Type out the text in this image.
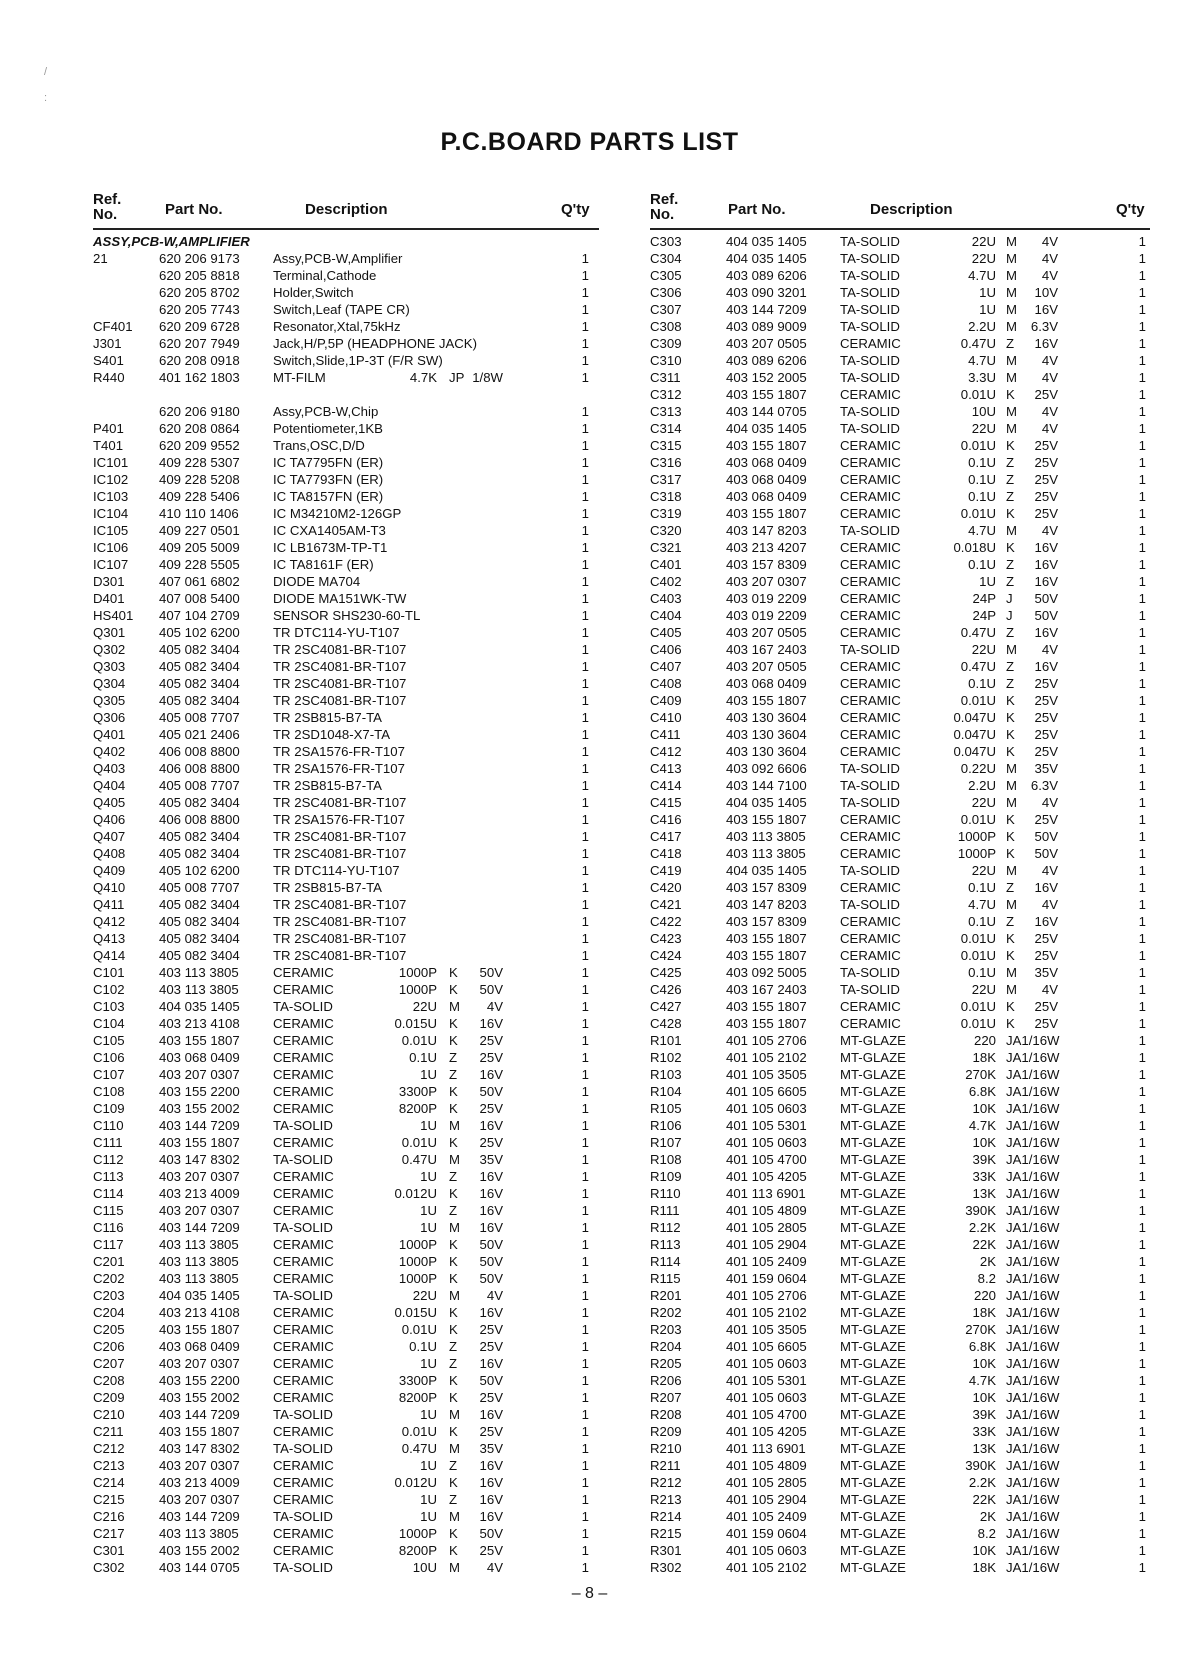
P.C.BOARD PARTS LIST
Ref.
No.	Part No.	Description	Q'ty
ASSY,PCB-W,AMPLIFIER
21	620 206 9173	Assy,PCB-W,Amplifier	1
620 205 8818	Terminal,Cathode	1
620 205 8702	Holder,Switch	1
620 205 7743	Switch,Leaf (TAPE CR)	1
CF401 620 209 6728	Resonator,Xtal,75kHz	1
J301	620 207 7949	Jack,H/P,5P (HEADPHONE JACK)	1
S401	620 208 0918	Switch,Slide,1P-3T (F/R SW)	1
R440	401 162 1803	MT-FILM	4.7K JP 1/8W	1
620 206 9180	Assy,PCB-W,Chip	1
P401	620 208 0864	Potentiometer,1KB	1
T401	620 209 9552	Trans,OSC,D/D	1
IC101 409 228 5307	IC TA7795FN (ER)	1
IC102 409 228 5208	IC TA7793FN (ER)	1
IC103 409 228 5406	IC TA8157FN (ER)	1
IC104 410 110 1406	IC M34210M2-126GP	1
IC105 409 227 0501	IC CXA1405AM-T3	1
IC106 409 205 5009	IC LB1673M-TP-T1	1
IC107 409 228 5505	IC TA8161F (ER)	1
D301	407 061 6802	DIODE MA704	1
D401	407 008 5400	DIODE MA151WK-TW	1
HS401 407 104 2709	SENSOR SHS230-60-TL	1
Q301	405 102 6200	TR DTC114-YU-T107	1
Q302	405 082 3404	TR 2SC4081-BR-T107	1
Q303	405 082 3404	TR 2SC4081-BR-T107	1
Q304	405 082 3404	TR 2SC4081-BR-T107	1
Q305	405 082 3404	TR 2SC4081-BR-T107	1
Q306	405 008 7707	TR 2SB815-B7-TA	1
Q401	405 021 2406	TR 2SD1048-X7-TA	1
Q402	406 008 8800	TR 2SA1576-FR-T107	1
Q403	406 008 8800	TR 2SA1576-FR-T107	1
Q404	405 008 7707	TR 2SB815-B7-TA	1
Q405	405 082 3404	TR 2SC4081-BR-T107	1
Q406	406 008 8800	TR 2SA1576-FR-T107	1
Q407	405 082 3404	TR 2SC4081-BR-T107	1
Q408	405 082 3404	TR 2SC4081-BR-T107	1
Q409	405 102 6200	TR DTC114-YU-T107	1
Q410	405 008 7707	TR 2SB815-B7-TA	1
Q411	405 082 3404	TR 2SC4081-BR-T107	1
Q412	405 082 3404	TR 2SC4081-BR-T107	1
Q413	405 082 3404	TR 2SC4081-BR-T107	1
Q414	405 082 3404	TR 2SC4081-BR-T107	1
C101	403 113 3805	CERAMIC	1000P K 50V	1
C102	403 113 3805	CERAMIC	1000P K 50V	1
C103	404 035 1405	TA-SOLID	22U M 4V	1
C104	403 213 4108	CERAMIC	0.015U K 16V	1
C105	403 155 1807	CERAMIC	0.01U K 25V	1
C106	403 068 0409	CERAMIC	0.1U Z 25V	1
C107	403 207 0307	CERAMIC	1U Z 16V	1
C108	403 155 2200	CERAMIC	3300P K 50V	1
C109	403 155 2002	CERAMIC	8200P K 25V	1
C110	403 144 7209	TA-SOLID	1U M 16V	1
C111	403 155 1807	CERAMIC	0.01U K 25V	1
C112	403 147 8302	TA-SOLID	0.47U M 35V	1
C113	403 207 0307	CERAMIC	1U Z 16V	1
C114	403 213 4009	CERAMIC	0.012U K 16V	1
C115	403 207 0307	CERAMIC	1U Z 16V	1
C116	403 144 7209	TA-SOLID	1U M 16V	1
C117	403 113 3805	CERAMIC	1000P K 50V	1
C201	403 113 3805	CERAMIC	1000P K 50V	1
C202	403 113 3805	CERAMIC	1000P K 50V	1
C203	404 035 1405	TA-SOLID	22U M 4V	1
C204	403 213 4108	CERAMIC	0.015U K 16V	1
C205	403 155 1807	CERAMIC	0.01U K 25V	1
C206	403 068 0409	CERAMIC	0.1U Z 25V	1
C207	403 207 0307	CERAMIC	1U Z 16V	1
C208	403 155 2200	CERAMIC	3300P K 50V	1
C209	403 155 2002	CERAMIC	8200P K 25V	1
C210	403 144 7209	TA-SOLID	1U M 16V	1
C211	403 155 1807	CERAMIC	0.01U K 25V	1
C212	403 147 8302	TA-SOLID	0.47U M 35V	1
C213	403 207 0307	CERAMIC	1U Z 16V	1
C214	403 213 4009	CERAMIC	0.012U K 16V	1
C215	403 207 0307	CERAMIC	1U Z 16V	1
C216	403 144 7209	TA-SOLID	1U M 16V	1
C217	403 113 3805	CERAMIC	1000P K 50V	1
C301	403 155 2002	CERAMIC	8200P K 25V	1
C302	403 144 0705	TA-SOLID	10U M 4V	1
Ref.
No.	Part No.	Description	Q'ty
C303	404 035 1405	TA-SOLID	22U M 4V	1
C304	404 035 1405	TA-SOLID	22U M 4V	1
C305	403 089 6206	TA-SOLID	4.7U M 4V	1
C306	403 090 3201	TA-SOLID	1U M 10V	1
C307	403 144 7209	TA-SOLID	1U M 16V	1
C308	403 089 9009	TA-SOLID	2.2U M 6.3V	1
C309	403 207 0505	CERAMIC	0.47U Z 16V	1
C310	403 089 6206	TA-SOLID	4.7U M 4V	1
C311	403 152 2005	TA-SOLID	3.3U M 4V	1
C312	403 155 1807	CERAMIC	0.01U K 25V	1
C313	403 144 0705	TA-SOLID	10U M 4V	1
C314	404 035 1405	TA-SOLID	22U M 4V	1
C315	403 155 1807	CERAMIC	0.01U K 25V	1
C316	403 068 0409	CERAMIC	0.1U Z 25V	1
C317	403 068 0409	CERAMIC	0.1U Z 25V	1
C318	403 068 0409	CERAMIC	0.1U Z 25V	1
C319	403 155 1807	CERAMIC	0.01U K 25V	1
C320	403 147 8203	TA-SOLID	4.7U M 4V	1
C321	403 213 4207	CERAMIC	0.018U K 16V	1
C401	403 157 8309	CERAMIC	0.1U Z 16V	1
C402	403 207 0307	CERAMIC	1U Z 16V	1
C403	403 019 2209	CERAMIC	24P J 50V	1
C404	403 019 2209	CERAMIC	24P J 50V	1
C405	403 207 0505	CERAMIC	0.47U Z 16V	1
C406	403 167 2403	TA-SOLID	22U M 4V	1
C407	403 207 0505	CERAMIC	0.47U Z 16V	1
C408	403 068 0409	CERAMIC	0.1U Z 25V	1
C409	403 155 1807	CERAMIC	0.01U K 25V	1
C410	403 130 3604	CERAMIC	0.047U K 25V	1
C411	403 130 3604	CERAMIC	0.047U K 25V	1
C412	403 130 3604	CERAMIC	0.047U K 25V	1
C413	403 092 6606	TA-SOLID	0.22U M 35V	1
C414	403 144 7100	TA-SOLID	2.2U M 6.3V	1
C415	404 035 1405	TA-SOLID	22U M 4V	1
C416	403 155 1807	CERAMIC	0.01U K 25V	1
C417	403 113 3805	CERAMIC	1000P K 50V	1
C418	403 113 3805	CERAMIC	1000P K 50V	1
C419	404 035 1405	TA-SOLID	22U M 4V	1
C420	403 157 8309	CERAMIC	0.1U Z 16V	1
C421	403 147 8203	TA-SOLID	4.7U M 4V	1
C422	403 157 8309	CERAMIC	0.1U Z 16V	1
C423	403 155 1807	CERAMIC	0.01U K 25V	1
C424	403 155 1807	CERAMIC	0.01U K 25V	1
C425	403 092 5005	TA-SOLID	0.1U M 35V	1
C426	403 167 2403	TA-SOLID	22U M 4V	1
C427	403 155 1807	CERAMIC	0.01U K 25V	1
C428	403 155 1807	CERAMIC	0.01U K 25V	1
R101	401 105 2706	MT-GLAZE	220 JA1/16W	1
R102	401 105 2102	MT-GLAZE	18K JA1/16W	1
R103	401 105 3505	MT-GLAZE	270K JA1/16W	1
R104	401 105 6605	MT-GLAZE	6.8K JA1/16W	1
R105	401 105 0603	MT-GLAZE	10K JA1/16W	1
R106	401 105 5301	MT-GLAZE	4.7K JA1/16W	1
R107	401 105 0603	MT-GLAZE	10K JA1/16W	1
R108	401 105 4700	MT-GLAZE	39K JA1/16W	1
R109	401 105 4205	MT-GLAZE	33K JA1/16W	1
R110	401 113 6901	MT-GLAZE	13K JA1/16W	1
R111	401 105 4809	MT-GLAZE	390K JA1/16W	1
R112	401 105 2805	MT-GLAZE	2.2K JA1/16W	1
R113	401 105 2904	MT-GLAZE	22K JA1/16W	1
R114	401 105 2409	MT-GLAZE	2K JA1/16W	1
R115	401 159 0604	MT-GLAZE	8.2 JA1/16W	1
R201	401 105 2706	MT-GLAZE	220 JA1/16W	1
R202	401 105 2102	MT-GLAZE	18K JA1/16W	1
R203	401 105 3505	MT-GLAZE	270K JA1/16W	1
R204	401 105 6605	MT-GLAZE	6.8K JA1/16W	1
R205	401 105 0603	MT-GLAZE	10K JA1/16W	1
R206	401 105 5301	MT-GLAZE	4.7K JA1/16W	1
R207	401 105 0603	MT-GLAZE	10K JA1/16W	1
R208	401 105 4700	MT-GLAZE	39K JA1/16W	1
R209	401 105 4205	MT-GLAZE	33K JA1/16W	1
R210	401 113 6901	MT-GLAZE	13K JA1/16W	1
R211	401 105 4809	MT-GLAZE	390K JA1/16W	1
R212	401 105 2805	MT-GLAZE	2.2K JA1/16W	1
R213	401 105 2904	MT-GLAZE	22K JA1/16W	1
R214	401 105 2409	MT-GLAZE	2K JA1/16W	1
R215	401 159 0604	MT-GLAZE	8.2 JA1/16W	1
R301	401 105 0603	MT-GLAZE	10K JA1/16W	1
R302	401 105 2102	MT-GLAZE	18K JA1/16W	1
– 8 –
/
:
